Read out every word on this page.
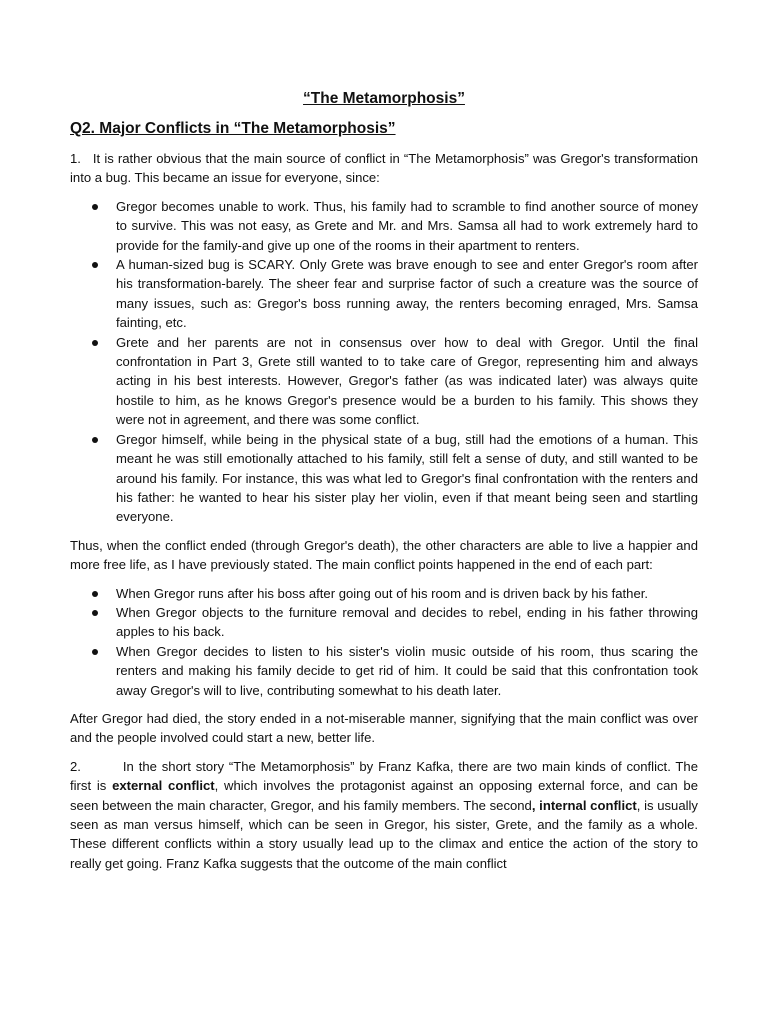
“The Metamorphosis”
Q2. Major Conflicts in “The Metamorphosis”

1. It is rather obvious that the main source of conflict in “The Metamorphosis” was Gregor's transformation into a bug. This became an issue for everyone, since:

Gregor becomes unable to work. Thus, his family had to scramble to find another source of money to survive. This was not easy, as Grete and Mr. and Mrs. Samsa all had to work extremely hard to provide for the family-and give up one of the rooms in their apartment to renters.
A human-sized bug is SCARY. Only Grete was brave enough to see and enter Gregor's room after his transformation-barely. The sheer fear and surprise factor of such a creature was the source of many issues, such as: Gregor's boss running away, the renters becoming enraged, Mrs. Samsa fainting, etc.
Grete and her parents are not in consensus over how to deal with Gregor. Until the final confrontation in Part 3, Grete still wanted to to take care of Gregor, representing him and always acting in his best interests. However, Gregor's father (as was indicated later) was always quite hostile to him, as he knows Gregor's presence would be a burden to his family. This shows they were not in agreement, and there was some conflict.
Gregor himself, while being in the physical state of a bug, still had the emotions of a human. This meant he was still emotionally attached to his family, still felt a sense of duty, and still wanted to be around his family. For instance, this was what led to Gregor's final confrontation with the renters and his father: he wanted to hear his sister play her violin, even if that meant being seen and startling everyone.

Thus, when the conflict ended (through Gregor's death), the other characters are able to live a happier and more free life, as I have previously stated. The main conflict points happened in the end of each part:

When Gregor runs after his boss after going out of his room and is driven back by his father.
When Gregor objects to the furniture removal and decides to rebel, ending in his father throwing apples to his back.
When Gregor decides to listen to his sister's violin music outside of his room, thus scaring the renters and making his family decide to get rid of him. It could be said that this confrontation took away Gregor's will to live, contributing somewhat to his death later.

After Gregor had died, the story ended in a not-miserable manner, signifying that the main conflict was over and the people involved could start a new, better life.

2.	In the short story “The Metamorphosis” by Franz Kafka, there are two main kinds of conflict. The first is external conflict, which involves the protagonist against an opposing external force, and can be seen between the main character, Gregor, and his family members. The second, internal conflict, is usually seen as man versus himself, which can be seen in Gregor, his sister, Grete, and the family as a whole. These different conflicts within a story usually lead up to the climax and entice the action of the story to really get going. Franz Kafka suggests that the outcome of the main conflict
